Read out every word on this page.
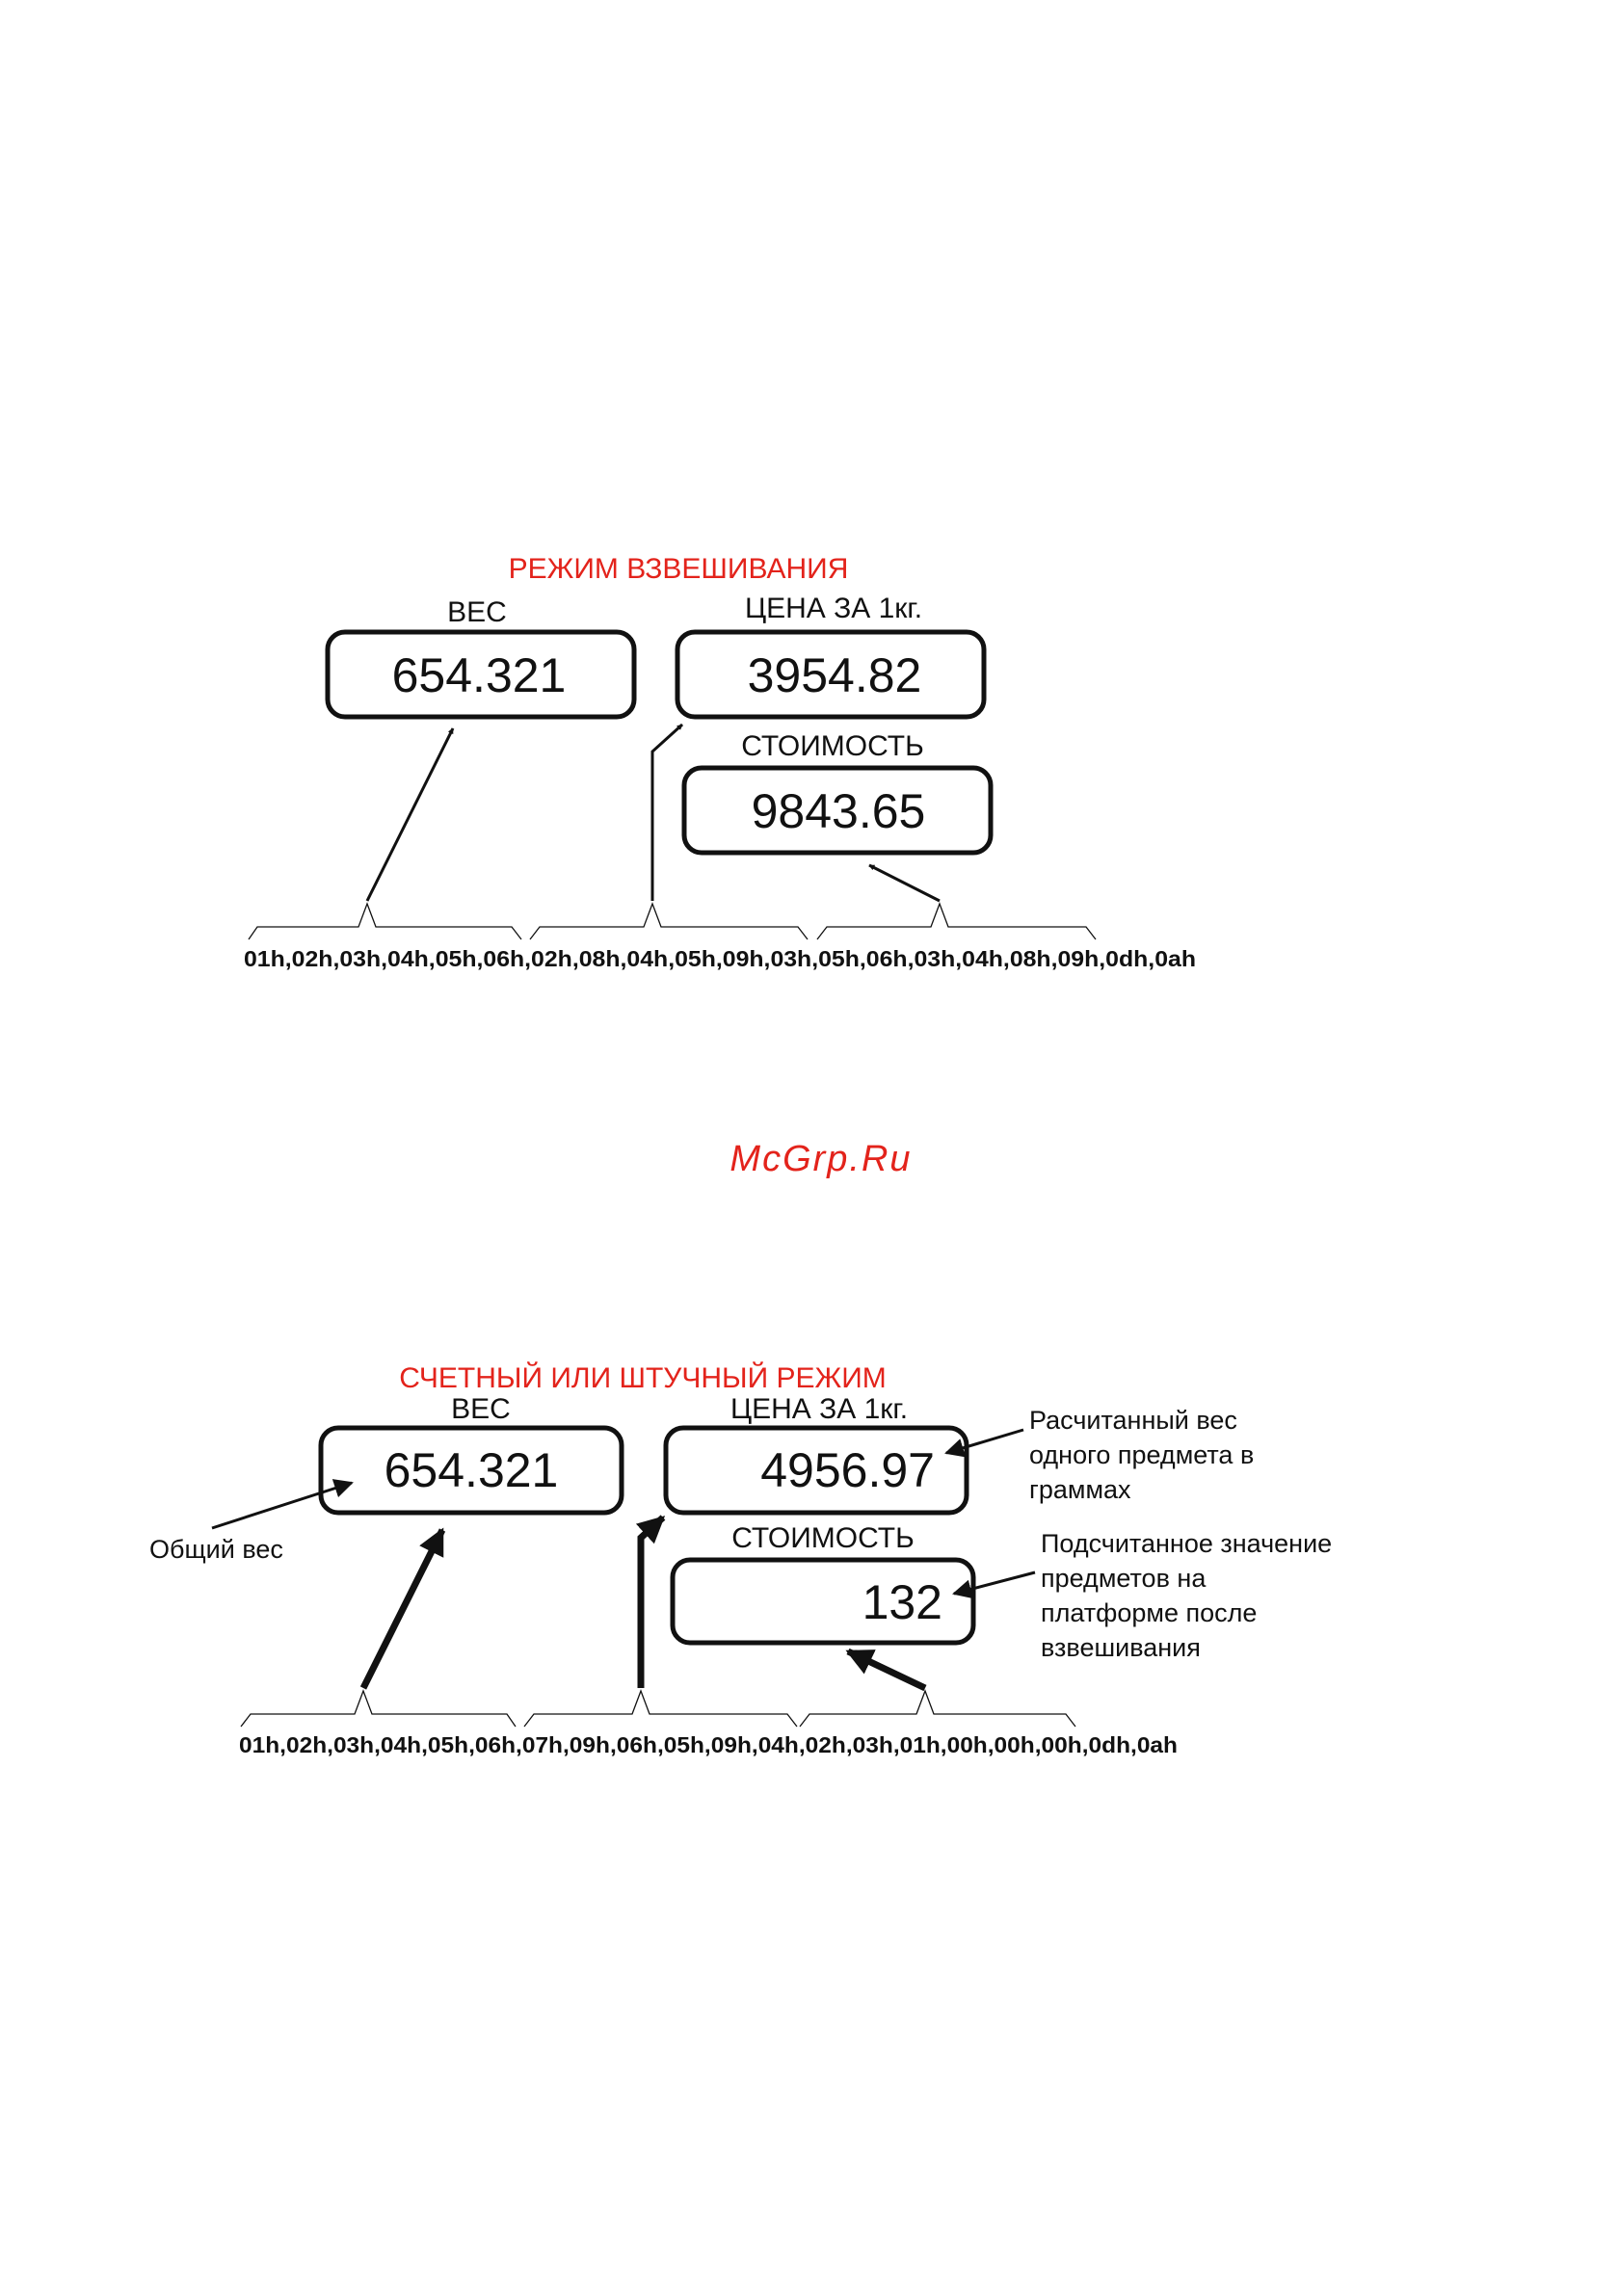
РЕЖИМ ВЗВЕШИВАНИЯ
ВЕС
654.321
ЦЕНА ЗА 1кг.
3954.82
СТОИМОСТЬ
9843.65
01h,02h,03h,04h,05h,06h,02h,08h,04h,05h,09h,03h,05h,06h,03h,04h,08h,09h,0dh,0ah
McGrp.Ru
СЧЕТНЫЙ ИЛИ ШТУЧНЫЙ РЕЖИМ
ВЕС
654.321
ЦЕНА ЗА 1кг.
4956.97
СТОИМОСТЬ
132
01h,02h,03h,04h,05h,06h,07h,09h,06h,05h,09h,04h,02h,03h,01h,00h,00h,00h,0dh,0ah
Общий вес
Расчитанный вес одного предмета в граммах
Подсчитанное значение предметов на платформе после взвешивания
